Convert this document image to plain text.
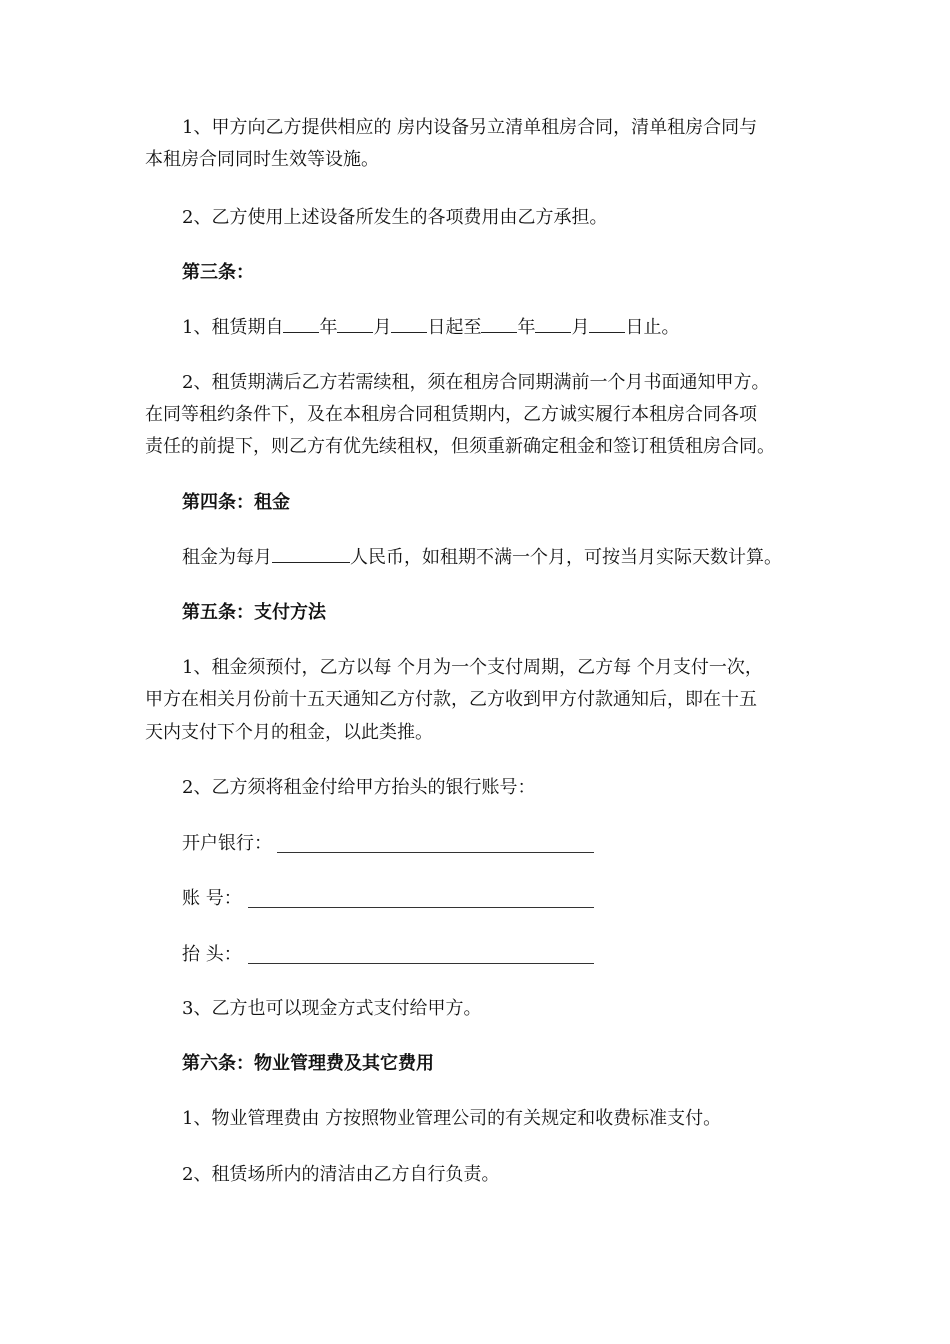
1、甲方向乙方提供相应的 房内设备另立清单租房合同，清单租房合同与
本租房合同同时生效等设施。
2、乙方使用上述设备所发生的各项费用由乙方承担。
第三条：
1、租赁期自 年 月 日起至 年 月 日止。
2、租赁期满后乙方若需续租，须在租房合同期满前一个月书面通知甲方。
在同等租约条件下，及在本租房合同租赁期内，乙方诚实履行本租房合同各项
责任的前提下，则乙方有优先续租权，但须重新确定租金和签订租赁租房合同。
第四条：租金
租金为每月	人民币，如租期不满一个月，可按当月实际天数计算。
第五条：支付方法
1、租金须预付，乙方以每 个月为一个支付周期，乙方每 个月支付一次，
甲方在相关月份前十五天通知乙方付款，乙方收到甲方付款通知后，即在十五
天内支付下个月的租金，以此类推。
2、乙方须将租金付给甲方抬头的银行账号：
开户银行：
账 号：
抬 头：
3、乙方也可以现金方式支付给甲方。
第六条：物业管理费及其它费用
1、物业管理费由 方按照物业管理公司的有关规定和收费标准支付。
2、租赁场所内的清洁由乙方自行负责。
